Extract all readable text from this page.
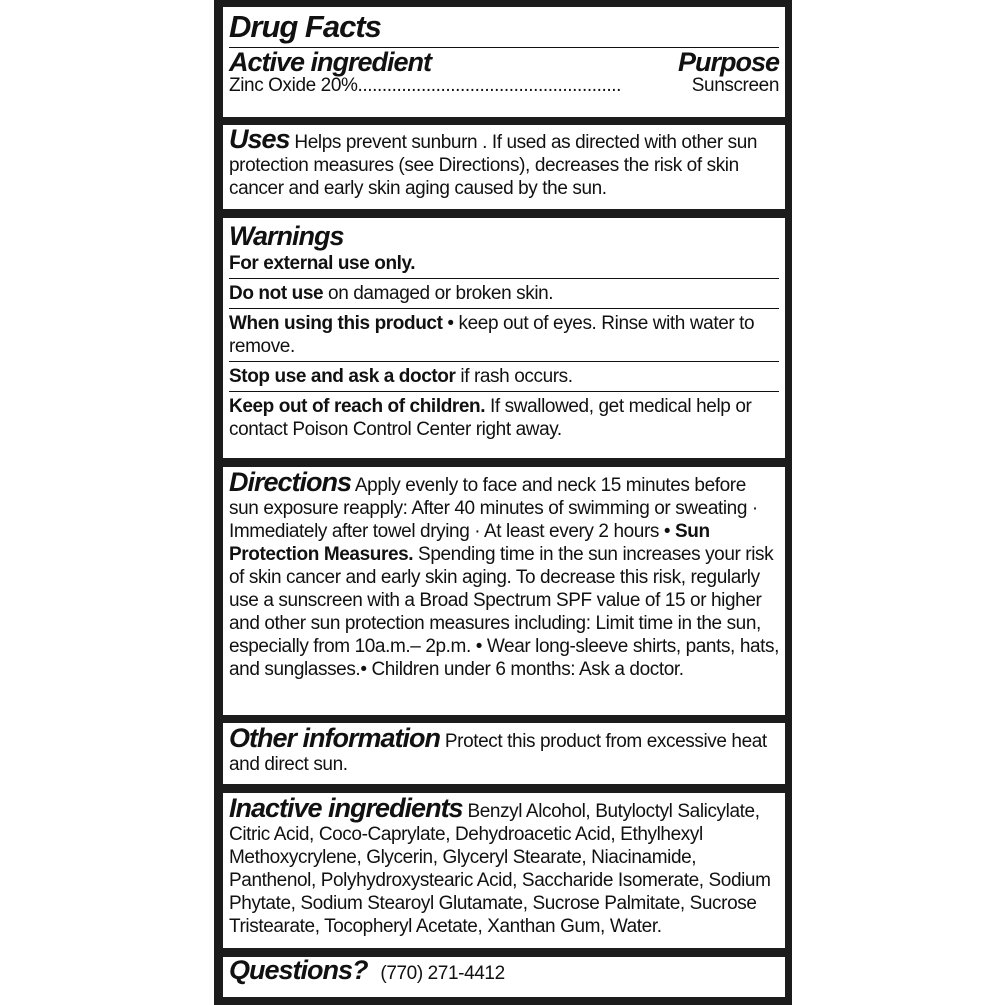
Drug Facts
Active ingredient	Purpose
Zinc Oxide 20% ......................................................	Sunscreen
Uses Helps prevent sunburn . If used as directed with other sun protection measures (see Directions), decreases the risk of skin cancer and early skin aging caused by the sun.
Warnings
For external use only.
Do not use on damaged or broken skin.
When using this product • keep out of eyes. Rinse with water to remove.
Stop use and ask a doctor if rash occurs.
Keep out of reach of children. If swallowed, get medical help or contact Poison Control Center right away.
Directions Apply evenly to face and neck 15 minutes before sun exposure reapply: After 40 minutes of swimming or sweating · Immediately after towel drying · At least every 2 hours • Sun Protection Measures. Spending time in the sun increases your risk of skin cancer and early skin aging. To decrease this risk, regularly use a sunscreen with a Broad Spectrum SPF value of 15 or higher and other sun protection measures including: Limit time in the sun, especially from 10a.m.– 2p.m. • Wear long-sleeve shirts, pants, hats, and sunglasses.• Children under 6 months: Ask a doctor.
Other information Protect this product from excessive heat and direct sun.
Inactive ingredients Benzyl Alcohol, Butyloctyl Salicylate, Citric Acid, Coco-Caprylate, Dehydroacetic Acid, Ethylhexyl Methoxycrylene, Glycerin, Glyceryl Stearate, Niacinamide, Panthenol, Polyhydroxystearic Acid, Saccharide Isomerate, Sodium Phytate, Sodium Stearoyl Glutamate, Sucrose Palmitate, Sucrose Tristearate, Tocopheryl Acetate, Xanthan Gum, Water.
Questions? (770) 271-4412
